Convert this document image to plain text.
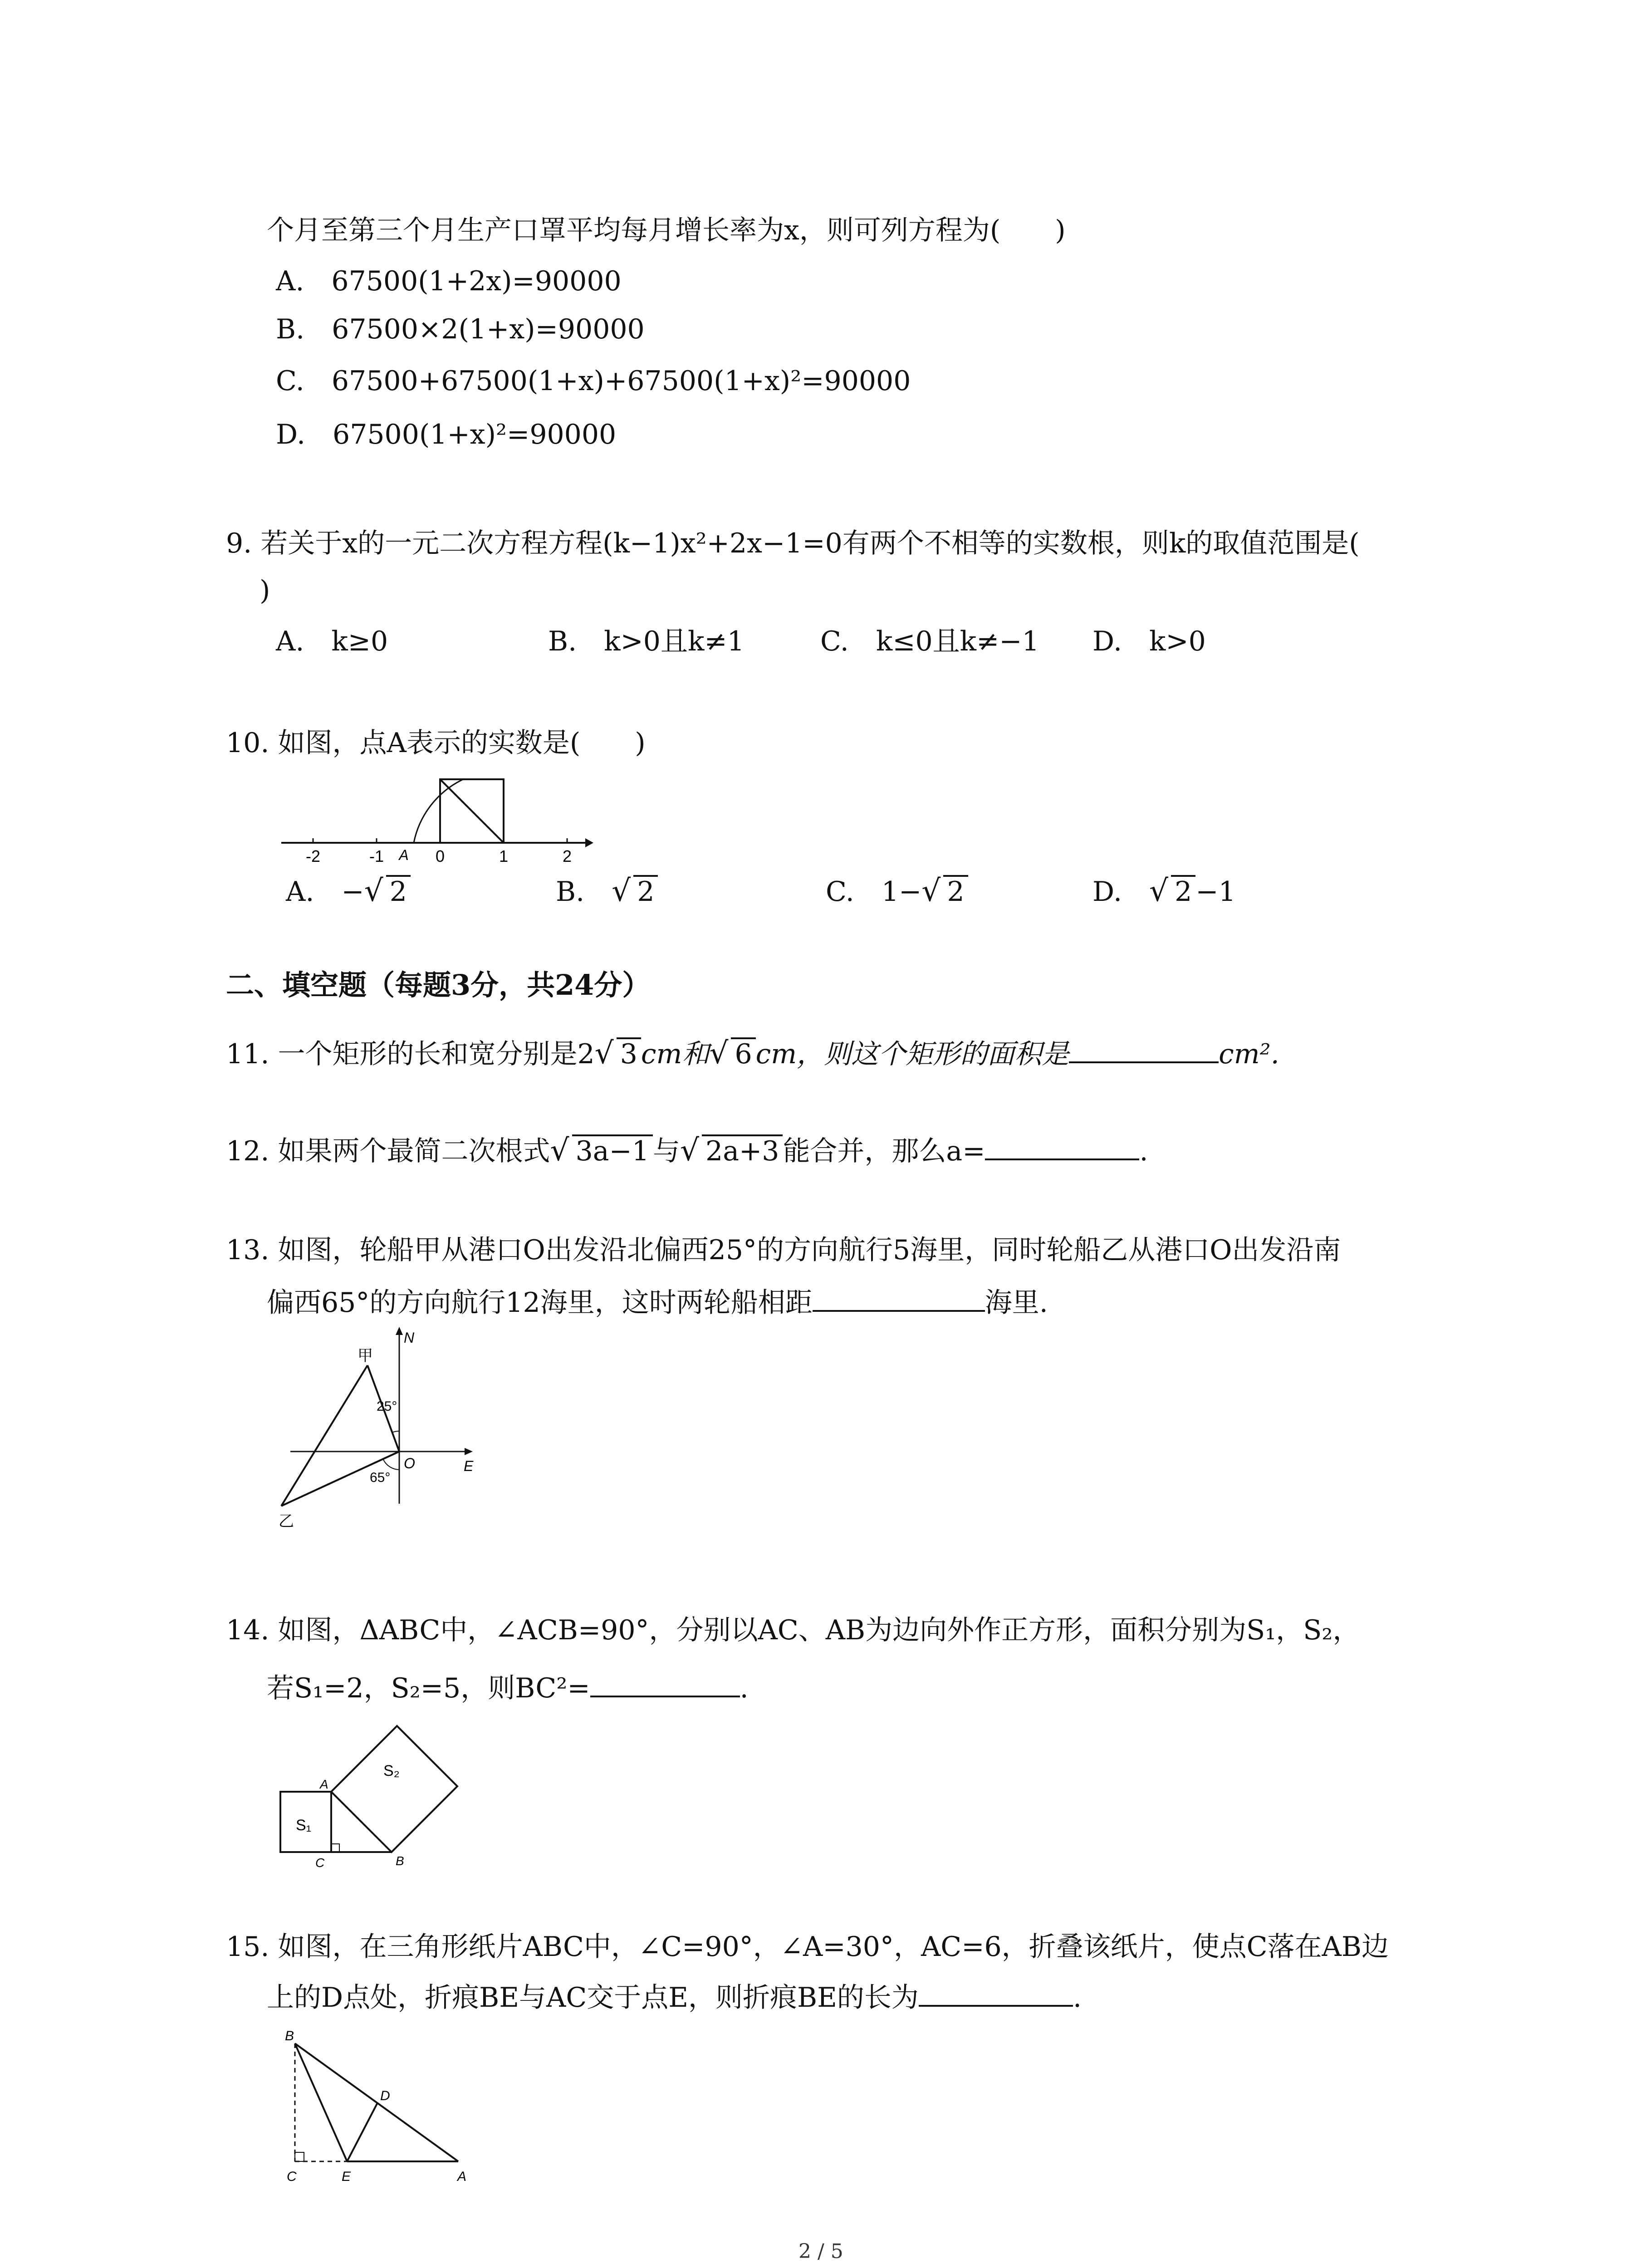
个月至第三个月生产口罩平均每月增长率为x，则可列方程为(　　)
A.　67500(1+2x)=90000
B.　67500×2(1+x)=90000
C.　67500+67500(1+x)+67500(1+x)²=90000
D.　67500(1+x)²=90000
9. 若关于x的一元二次方程方程(k−1)x²+2x−1=0有两个不相等的实数根，则k的取值范围是(
)
A.　k≥0	B.　k>0且k≠1	C.　k≤0且k≠−1 D.　k>0
10. 如图，点A表示的实数是(　　)
-2	-1 A 0	1	2
A.　−√ 2	B.　√ 2	C.　1−√ 2	D.　√ 2 −1
二、填空题（每题3分，共24分）
11. 一个矩形的长和宽分别是2√ 3 cm和√ 6 cm，则这个矩形的面积是	cm².
12. 如果两个最简二次根式√ 3a−1 与√ 2a+3 能合并，那么a=	.
13. 如图，轮船甲从港口O出发沿北偏西25°的方向航行5海里，同时轮船乙从港口O出发沿南
偏西65°的方向航行12海里，这时两轮船相距	海里.
甲
N
25°
O	E
65°
乙
14. 如图，ΔABC中，∠ACB=90°，分别以AC、AB为边向外作正方形，面积分别为S₁，S₂，
若S₁=2，S₂=5，则BC²=	.
S₂
S₁
A
B
C
15. 如图，在三角形纸片ABC中，∠C=90°，∠A=30°，AC=6，折叠该纸片，使点C落在AB边
上的D点处，折痕BE与AC交于点E，则折痕BE的长为	.
B
D
C	E	A
2 / 5
